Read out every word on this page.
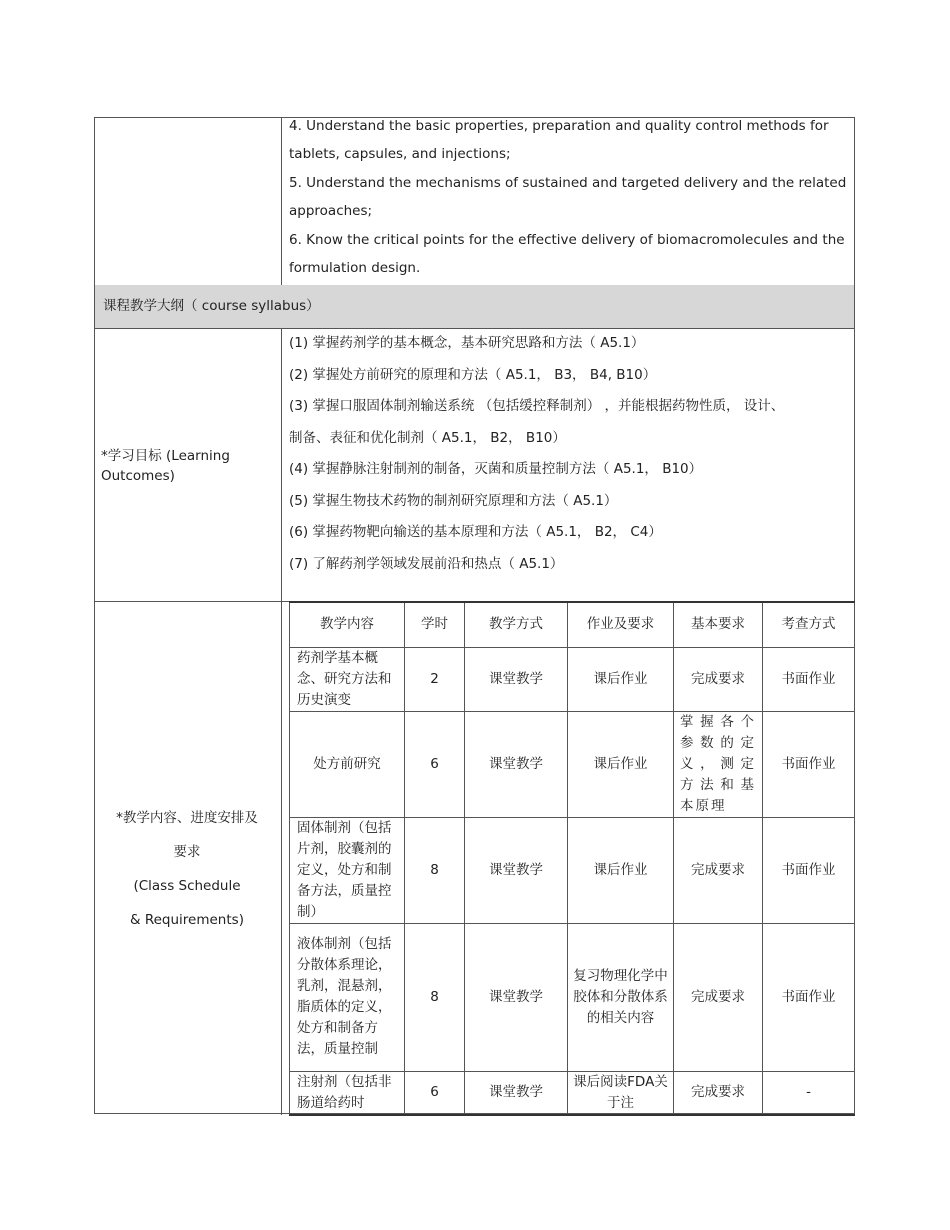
4. Understand the basic properties, preparation and quality control methods for
tablets, capsules, and injections;
5. Understand the mechanisms of sustained and targeted delivery and the related
approaches;
6. Know the critical points for the effective delivery of biomacromolecules and the
formulation design.
课程教学大纲（ course syllabus）
*学习目标 (Learning
Outcomes)
(1) 掌握药剂学的基本概念，基本研究思路和方法（ A5.1）
(2) 掌握处方前研究的原理和方法（ A5.1， B3， B4, B10）
(3) 掌握口服固体制剂输送系统 （包括缓控释制剂） ，并能根据药物性质， 设计、
制备、表征和优化制剂（ A5.1， B2， B10）
(4) 掌握静脉注射制剂的制备，灭菌和质量控制方法（ A5.1， B10）
(5) 掌握生物技术药物的制剂研究原理和方法（ A5.1）
(6) 掌握药物靶向输送的基本原理和方法（ A5.1， B2， C4）
(7) 了解药剂学领域发展前沿和热点（ A5.1）
*教学内容、进度安排及
要求
(Class Schedule
& Requirements)
教学内容	学时	教学方式	作业及要求	基本要求	考查方式
药剂学基本概念、研究方法和历史演变	2	课堂教学	课后作业	完成要求	书面作业
处方前研究	6	课堂教学	课后作业	掌握各个参数的定义，测定方法和基本原理	书面作业
固体制剂（包括片剂，胶囊剂的定义，处方和制备方法，质量控制）	8	课堂教学	课后作业	完成要求	书面作业
液体制剂（包括分散体系理论，乳剂，混悬剂，脂质体的定义，处方和制备方法，质量控制	8	课堂教学	复习物理化学中胶体和分散体系的相关内容	完成要求	书面作业
注射剂（包括非肠道给药时	6	课堂教学	课后阅读FDA关于注	完成要求	-
